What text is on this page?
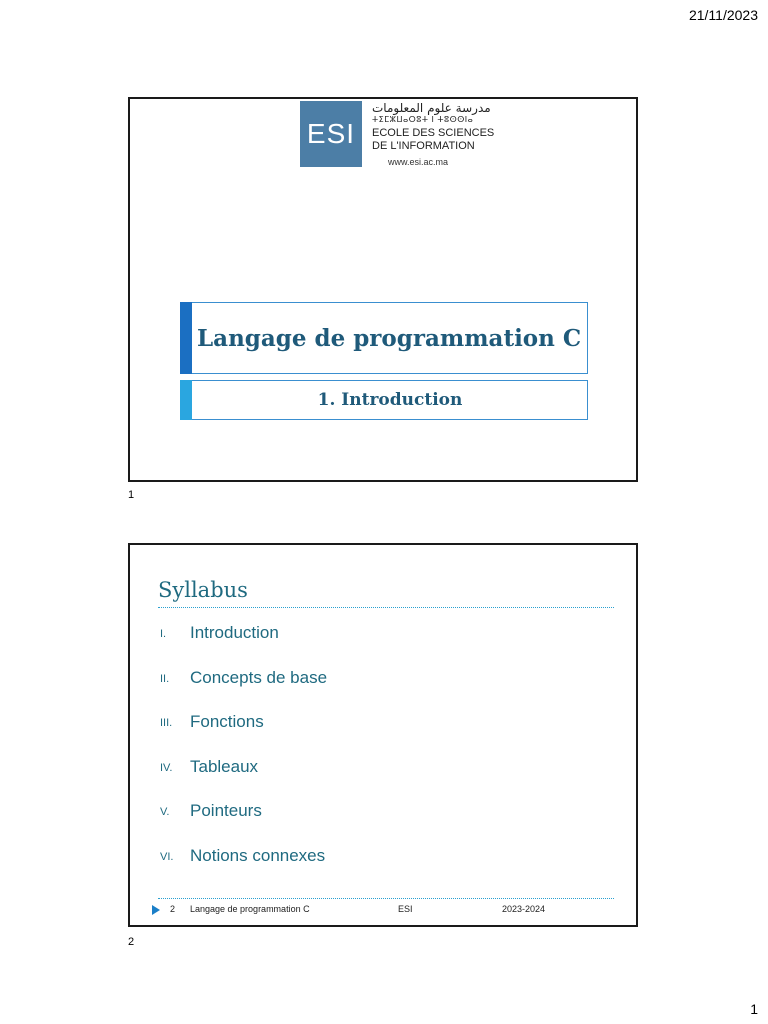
21/11/2023
ESI
مدرسة علوم المعلومات
ⵜⵉⵎⵣⵡⴰⵔⵓⵜ ⵏ ⵜⵓⵙⵙⵏⴰ
ECOLE DES SCIENCES
DE L'INFORMATION
www.esi.ac.ma
Langage de programmation C
1. Introduction
1
Syllabus
I.	Introduction
II.	Concepts de base
III.	Fonctions
IV.	Tableaux
V.	Pointeurs
VI. Notions connexes
2 Langage de programmation C	ESI	2023-2024
2
1
